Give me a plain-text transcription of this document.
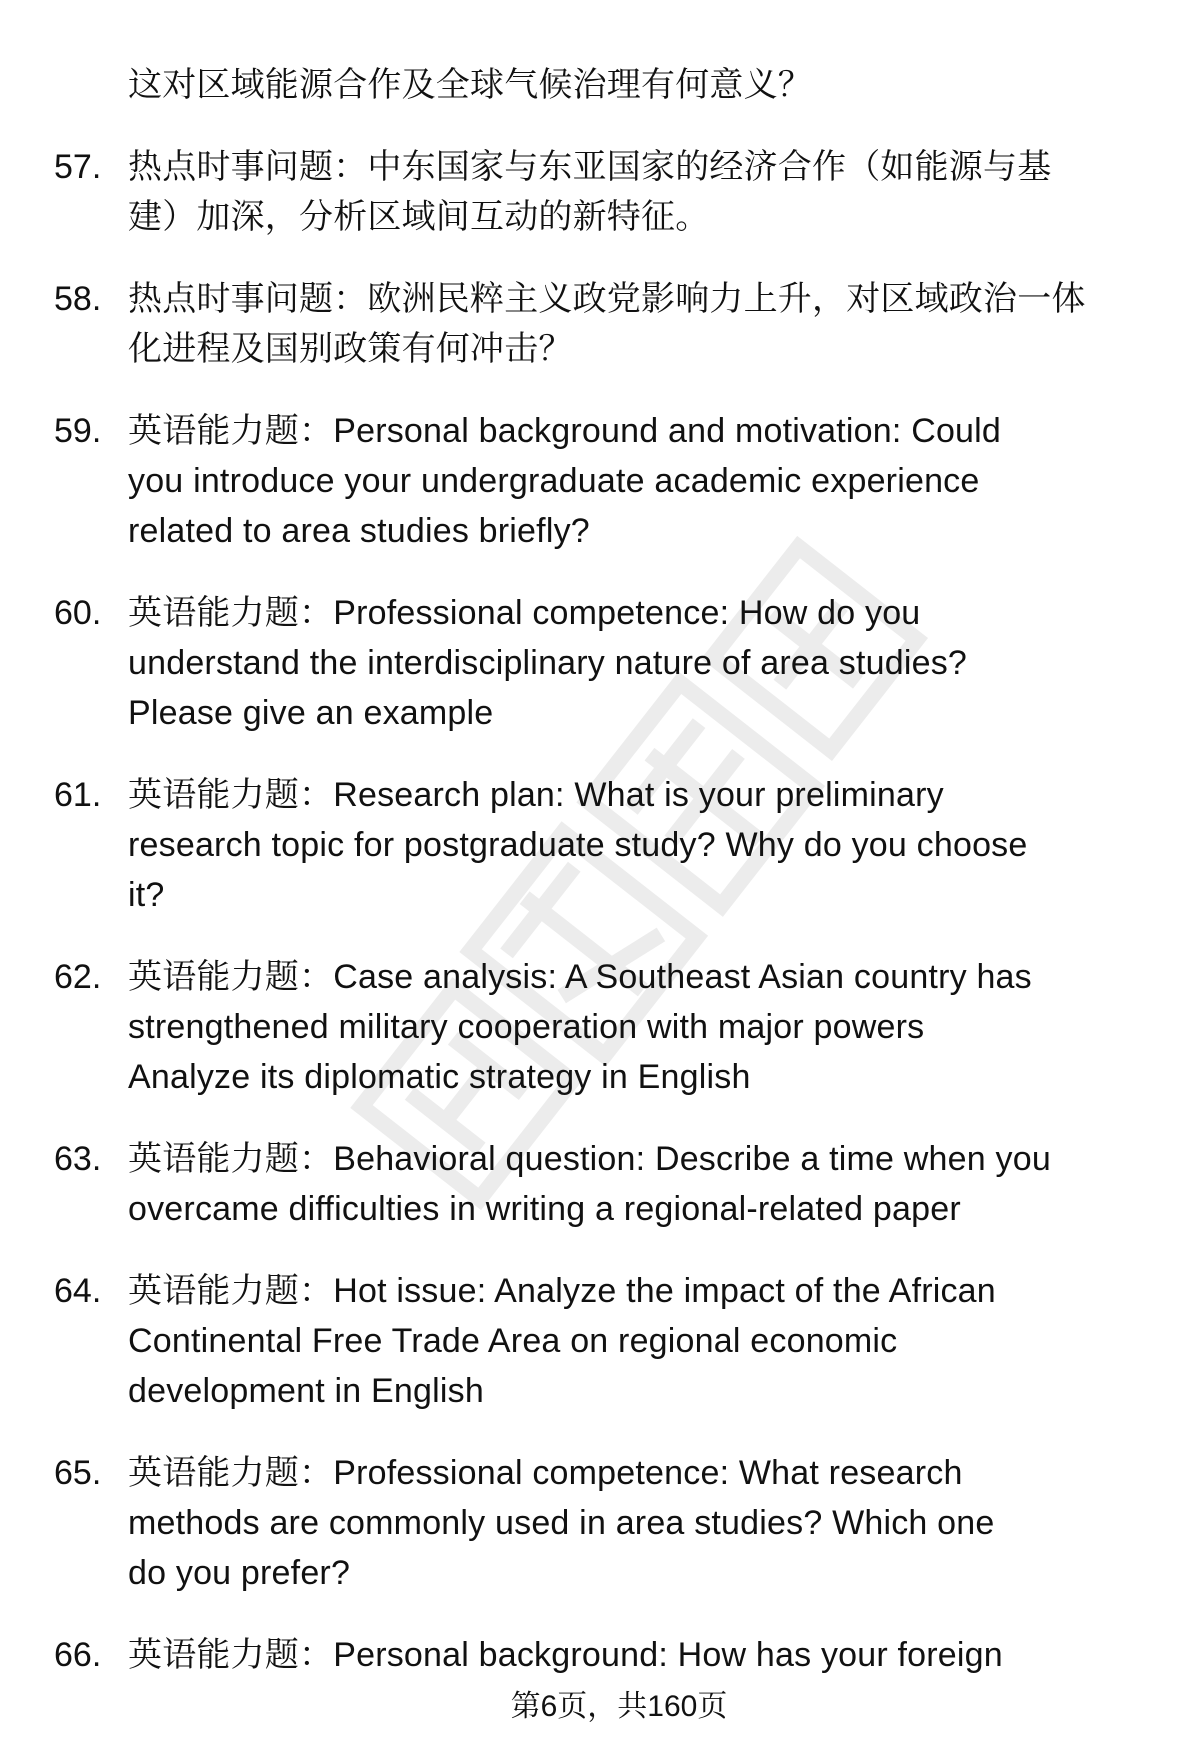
这对区域能源合作及全球气候治理有何意义？
57. 热点时事问题：中东国家与东亚国家的经济合作（如能源与基
建）加深，分析区域间互动的新特征。
58. 热点时事问题：欧洲民粹主义政党影响力上升，对区域政治一体
化进程及国别政策有何冲击？
59. 英语能力题：Personal background and motivation: Could
you introduce your undergraduate academic experience
related to area studies briefly?
60. 英语能力题：Professional competence: How do you
understand the interdisciplinary nature of area studies?
Please give an example
61. 英语能力题：Research plan: What is your preliminary
research topic for postgraduate study? Why do you choose
it?
62. 英语能力题：Case analysis: A Southeast Asian country has
strengthened military cooperation with major powers
Analyze its diplomatic strategy in English
63. 英语能力题：Behavioral question: Describe a time when you
overcame difficulties in writing a regional-related paper
64. 英语能力题：Hot issue: Analyze the impact of the African
Continental Free Trade Area on regional economic
development in English
65. 英语能力题：Professional competence: What research
methods are commonly used in area studies? Which one
do you prefer?
66. 英语能力题：Personal background: How has your foreign
第6页，共160页
